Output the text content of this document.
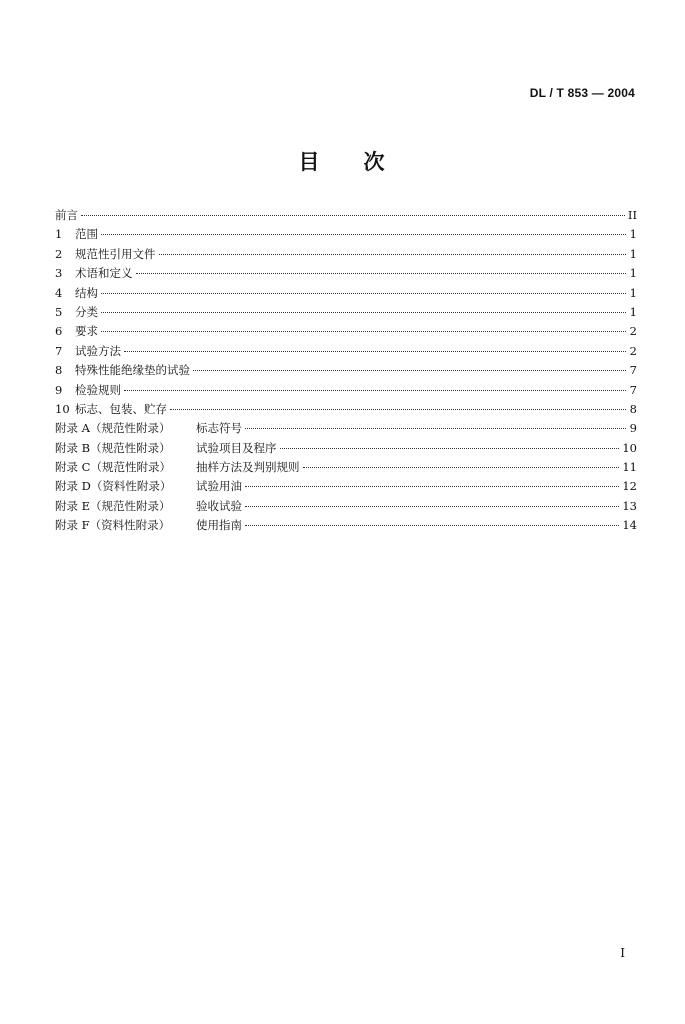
DL / T 853 — 2004
目 次
前言	II
1	范围	1
2	规范性引用文件	1
3	术语和定义	1
4	结构	1
5	分类	1
6	要求	2
7	试验方法	2
8	特殊性能绝缘垫的试验	7
9	检验规则	7
10 标志、包装、贮存	8
附录 A（规范性附录）	标志符号	9
附录 B（规范性附录）	试验项目及程序	10
附录 C（规范性附录）	抽样方法及判别规则	11
附录 D（资料性附录）	试验用油	12
附录 E（规范性附录）	验收试验	13
附录 F（资料性附录）	使用指南	14
I
